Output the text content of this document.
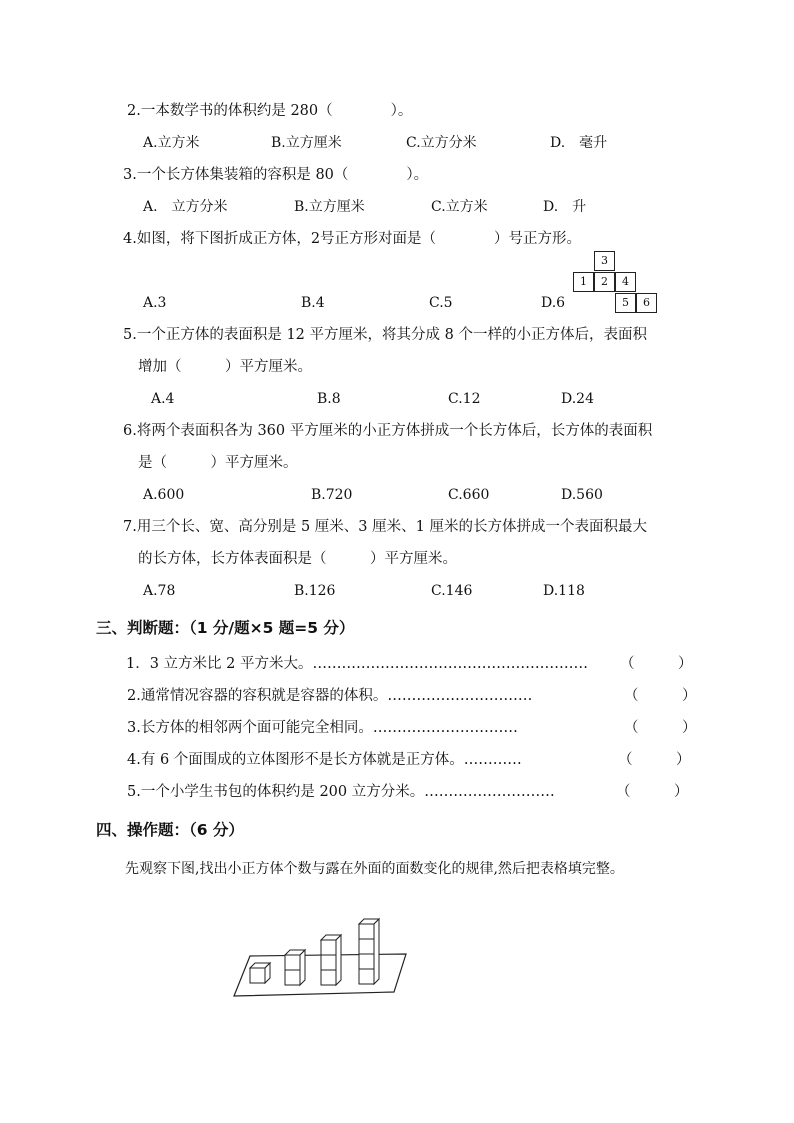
2.一本数学书的体积约是 280（　　　　）。
A.立方米	B.立方厘米	C.立方分米	D.　毫升
3.一个长方体集装箱的容积是 80（　　　　）。
A.　立方分米	B.立方厘米	C.立方米	D.　升
4.如图，将下图折成正方体，2号正方形对面是（　　　　）号正方形。
3
1	2	4
5	6
A.3	B.4	C.5	D.6
5.一个正方体的表面积是 12 平方厘米，将其分成 8 个一样的小正方体后，表面积
增加（　　　）平方厘米。
A.4	B.8	C.12	D.24
6.将两个表面积各为 360 平方厘米的小正方体拼成一个长方体后，长方体的表面积
是（　　　）平方厘米。
A.600	B.720	C.660	D.560
7.用三个长、宽、高分别是 5 厘米、3 厘米、1 厘米的长方体拼成一个表面积最大
的长方体，长方体表面积是（　　　）平方厘米。
A.78	B.126	C.146	D.118
三、判断题：（1 分/题×5 题=5 分）
1．3 立方米比 2 平方米大。………………………………………………… （　　　）
2.通常情况容器的容积就是容器的体积。…………………………	（　　　）
3.长方体的相邻两个面可能完全相同。…………………………	（　　　）
4.有 6 个面围成的立体图形不是长方体就是正方体。…………	（　　　）
5.一个小学生书包的体积约是 200 立方分米。………………………	（　　　）
四、操作题：（6 分）
先观察下图,找出小正方体个数与露在外面的面数变化的规律,然后把表格填完整。
